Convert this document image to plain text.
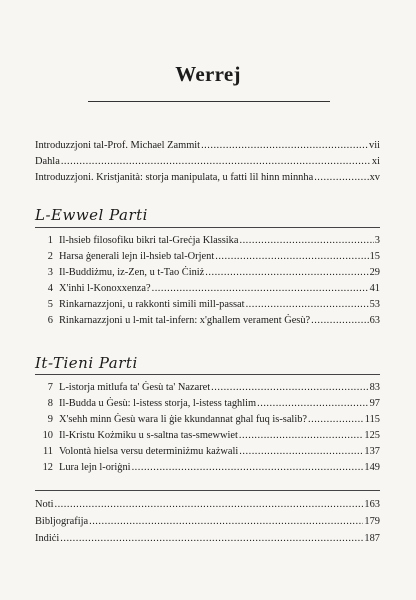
Werrej
Introduzzjoni tal-Prof. Michael Zammit .....	vii
Dahla .....	xi
Introduzzjoni. Kristjanità: storja manipulata, u fatti lil hinn minnha .....	xv
L-Ewwel Parti
1 Il-hsieb filosofiku bikri tal-Greċja Klassika .....	3
2 Harsa ġenerali lejn il-hsieb tal-Orjent .....	15
3 Il-Buddiżmu, iz-Zen, u t-Tao Ċiniż .....	29
4 X'inhi l-Konoxxenza? .....	41
5 Rinkarnazzjoni, u rakkonti simili mill-passat .....	53
6 Rinkarnazzjoni u l-mit tal-infern: x'ghallem verament Ġesù? .....	63
It-Tieni Parti
7 L-istorja mitlufa ta' Ġesù ta' Nazaret .....	83
8 Il-Budda u Ġesù: l-istess storja, l-istess taghlim .....	97
9 X'sehh minn Ġesù wara li ġie kkundannat ghal fuq is-salib? .....	115
10 Il-Kristu Kożmiku u s-saltna tas-smewwiet .....	125
11 Volontà hielsa versu determiniżmu każwali .....	137
12 Lura lejn l-oriġni .....	149
Noti .....	163
Bibljografija .....	179
Indiċi .....	187
